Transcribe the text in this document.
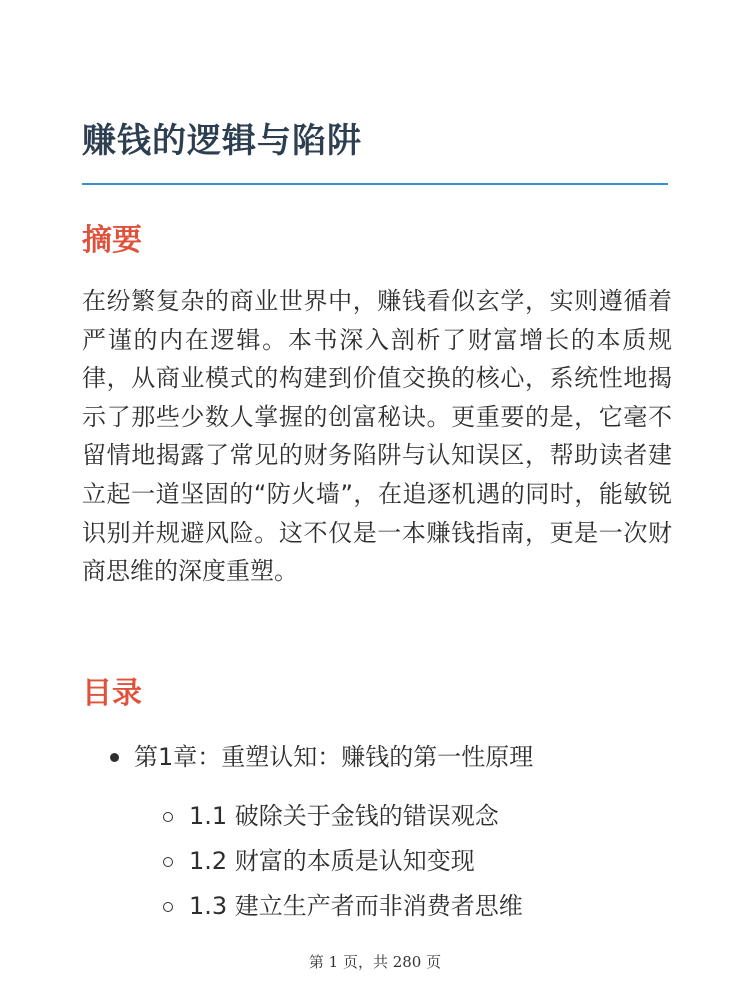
赚钱的逻辑与陷阱
摘要

在纷繁复杂的商业世界中，赚钱看似玄学，实则遵循着严谨的内在逻辑。本书深入剖析了财富增长的本质规律，从商业模式的构建到价值交换的核心，系统性地揭示了那些少数人掌握的创富秘诀。更重要的是，它毫不留情地揭露了常见的财务陷阱与认知误区，帮助读者建立起一道坚固的“防火墙”，在追逐机遇的同时，能敏锐识别并规避风险。这不仅是一本赚钱指南，更是一次财商思维的深度重塑。

目录
第1章：重塑认知：赚钱的第一性原理
1.1 破除关于金钱的错误观念
1.2 财富的本质是认知变现
1.3 建立生产者而非消费者思维
第 1 页，共 280 页
